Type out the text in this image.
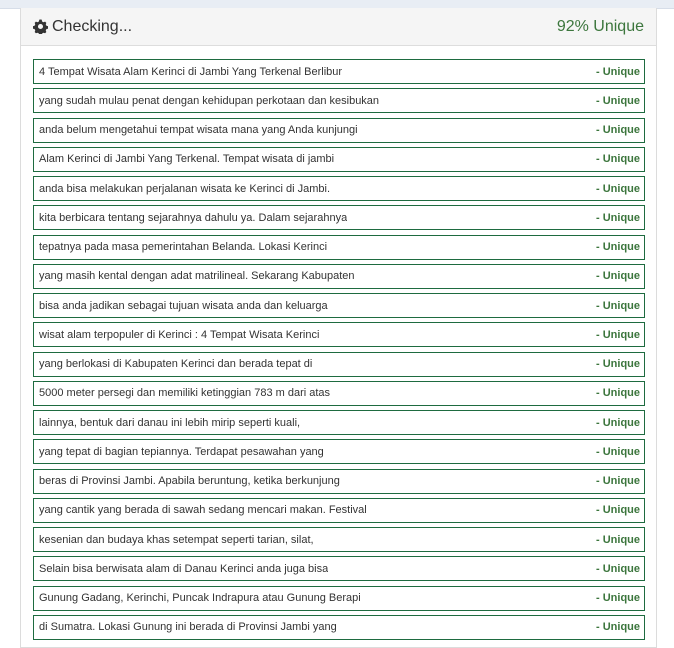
Checking...	92% Unique
4 Tempat Wisata Alam Kerinci di Jambi Yang Terkenal Berlibur	- Unique
yang sudah mulau penat dengan kehidupan perkotaan dan kesibukan	- Unique
anda belum mengetahui tempat wisata mana yang Anda kunjungi	- Unique
Alam Kerinci di Jambi Yang Terkenal. Tempat wisata di jambi	- Unique
anda bisa melakukan perjalanan wisata ke Kerinci di Jambi.	- Unique
kita berbicara tentang sejarahnya dahulu ya. Dalam sejarahnya	- Unique
tepatnya pada masa pemerintahan Belanda. Lokasi Kerinci	- Unique
yang masih kental dengan adat matrilineal. Sekarang Kabupaten	- Unique
bisa anda jadikan sebagai tujuan wisata anda dan keluarga	- Unique
wisat alam terpopuler di Kerinci : 4 Tempat Wisata Kerinci	- Unique
yang berlokasi di Kabupaten Kerinci dan berada tepat di	- Unique
5000 meter persegi dan memiliki ketinggian 783 m dari atas	- Unique
lainnya, bentuk dari danau ini lebih mirip seperti kuali,	- Unique
yang tepat di bagian tepiannya. Terdapat pesawahan yang	- Unique
beras di Provinsi Jambi. Apabila beruntung, ketika berkunjung	- Unique
yang cantik yang berada di sawah sedang mencari makan. Festival	- Unique
kesenian dan budaya khas setempat seperti tarian, silat,	- Unique
Selain bisa berwisata alam di Danau Kerinci anda juga bisa	- Unique
Gunung Gadang, Kerinchi, Puncak Indrapura atau Gunung Berapi	- Unique
di Sumatra. Lokasi Gunung ini berada di Provinsi Jambi yang	- Unique
